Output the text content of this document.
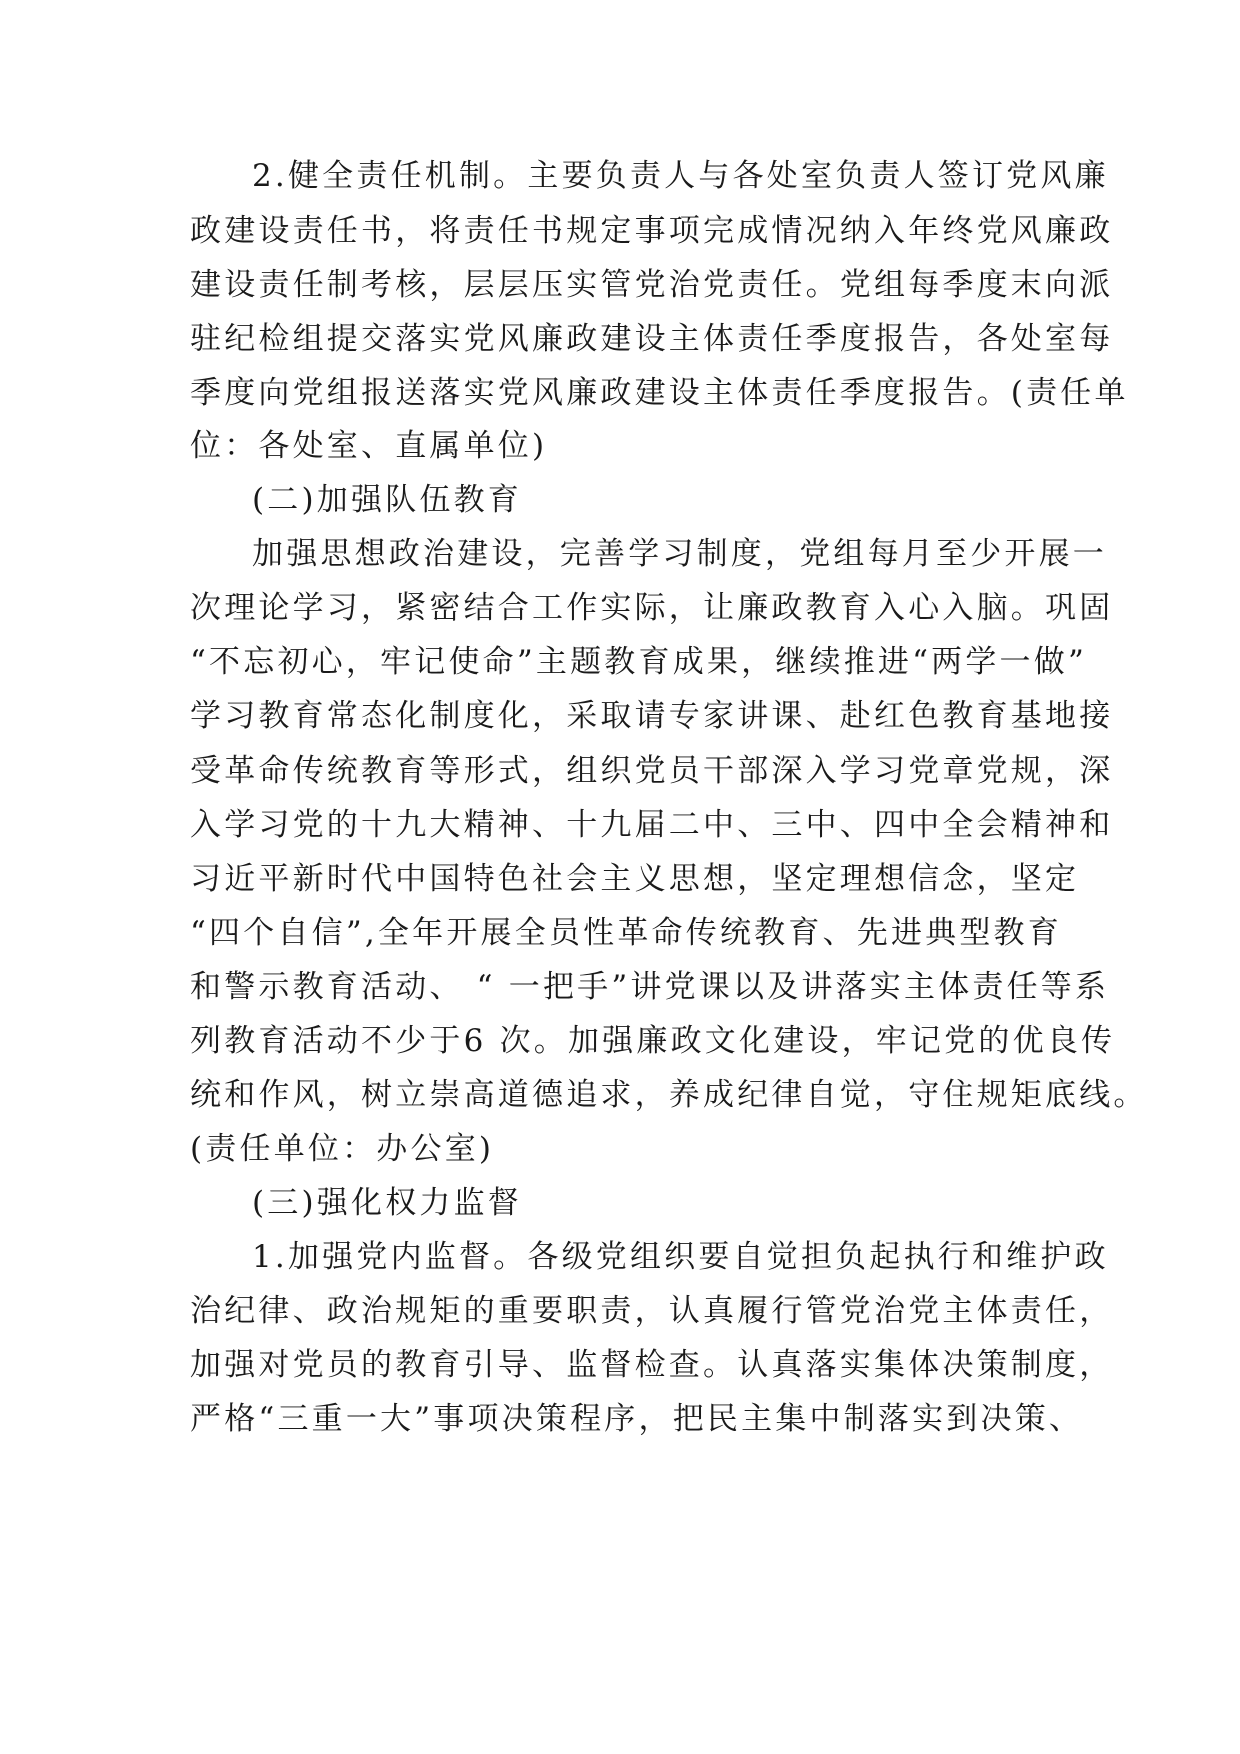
2.健全责任机制。主要负责人与各处室负责人签订党风廉
政建设责任书，将责任书规定事项完成情况纳入年终党风廉政
建设责任制考核，层层压实管党治党责任。党组每季度末向派
驻纪检组提交落实党风廉政建设主体责任季度报告，各处室每
季度向党组报送落实党风廉政建设主体责任季度报告。(责任单
位：各处室、直属单位)
(二)加强队伍教育
加强思想政治建设，完善学习制度，党组每月至少开展一
次理论学习，紧密结合工作实际，让廉政教育入心入脑。巩固
“不忘初心，牢记使命”主题教育成果，继续推进“两学一做”
学习教育常态化制度化，采取请专家讲课、赴红色教育基地接
受革命传统教育等形式，组织党员干部深入学习党章党规，深
入学习党的十九大精神、十九届二中、三中、四中全会精神和
习近平新时代中国特色社会主义思想，坚定理想信念，坚定
“四个自信”,全年开展全员性革命传统教育、先进典型教育
和警示教育活动、 “ 一把手”讲党课以及讲落实主体责任等系
列教育活动不少于6 次。加强廉政文化建设，牢记党的优良传
统和作风，树立崇高道德追求，养成纪律自觉，守住规矩底线。
(责任单位：办公室)
(三)强化权力监督
1.加强党内监督。各级党组织要自觉担负起执行和维护政
治纪律、政治规矩的重要职责，认真履行管党治党主体责任，
加强对党员的教育引导、监督检查。认真落实集体决策制度，
严格“三重一大”事项决策程序，把民主集中制落实到决策、
